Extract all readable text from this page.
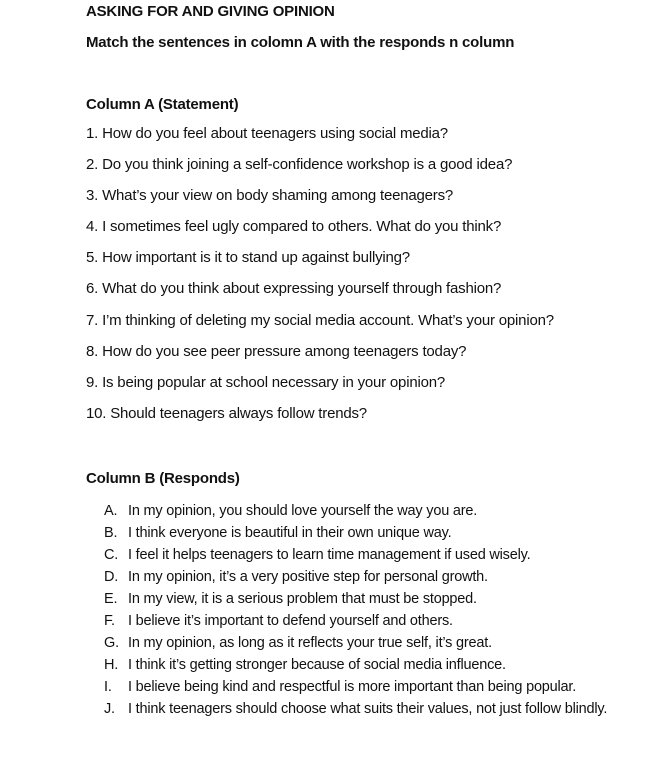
ASKING FOR AND GIVING OPINION
Match the sentences in colomn A with the responds n column
Column A (Statement)
1. How do you feel about teenagers using social media?
2. Do you think joining a self-confidence workshop is a good idea?
3. What’s your view on body shaming among teenagers?
4. I sometimes feel ugly compared to others. What do you think?
5. How important is it to stand up against bullying?
6. What do you think about expressing yourself through fashion?
7. I’m thinking of deleting my social media account. What’s your opinion?
8. How do you see peer pressure among teenagers today?
9. Is being popular at school necessary in your opinion?
10. Should teenagers always follow trends?
Column B (Responds)
A. In my opinion, you should love yourself the way you are.
B. I think everyone is beautiful in their own unique way.
C. I feel it helps teenagers to learn time management if used wisely.
D. In my opinion, it’s a very positive step for personal growth.
E. In my view, it is a serious problem that must be stopped.
F. I believe it’s important to defend yourself and others.
G. In my opinion, as long as it reflects your true self, it’s great.
H. I think it’s getting stronger because of social media influence.
I.	I believe being kind and respectful is more important than being popular.
J. I think teenagers should choose what suits their values, not just follow blindly.
